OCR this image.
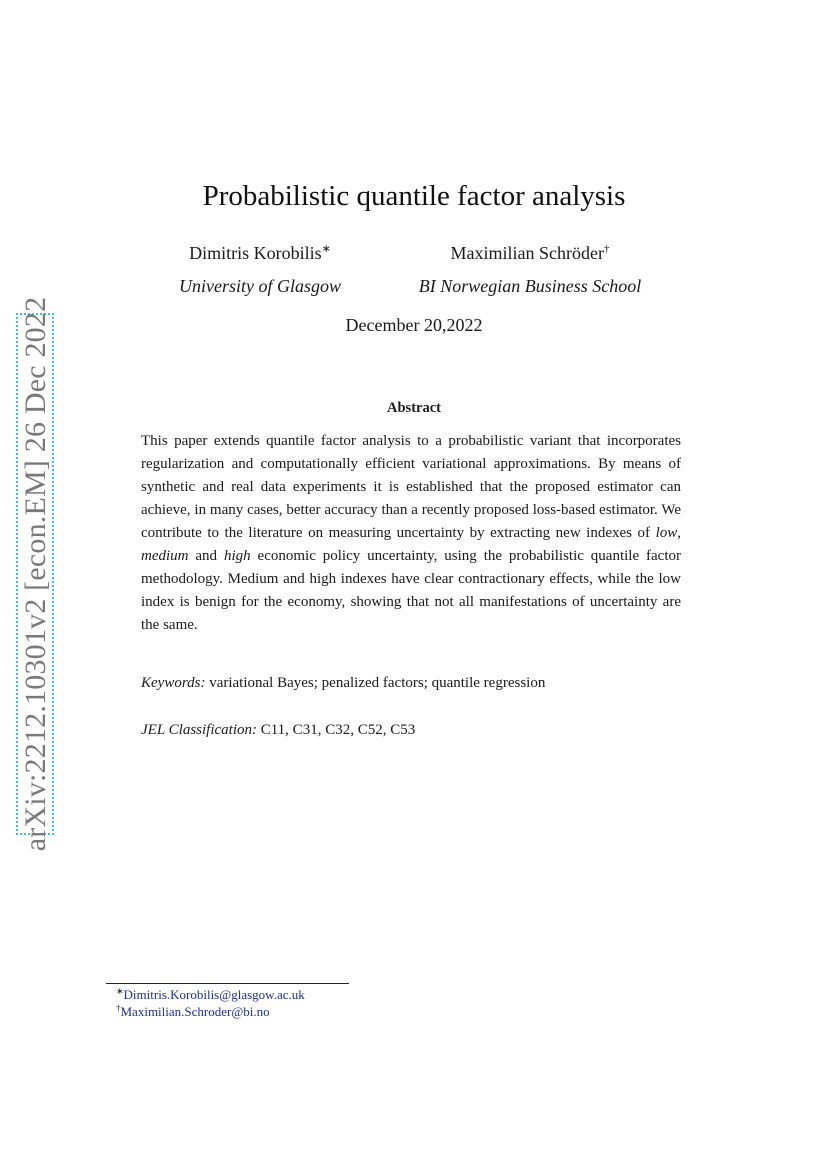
arXiv:2212.10301v2 [econ.EM] 26 Dec 2022
Probabilistic quantile factor analysis
Dimitris Korobilis∗
University of Glasgow
Maximilian Schröder†
BI Norwegian Business School
December 20,2022
Abstract
This paper extends quantile factor analysis to a probabilistic variant that incorporates regularization and computationally efficient variational approximations. By means of synthetic and real data experiments it is established that the proposed estimator can achieve, in many cases, better accuracy than a recently proposed loss-based estimator. We contribute to the literature on measuring uncertainty by extracting new indexes of low, medium and high economic policy uncertainty, using the probabilistic quantile factor methodology. Medium and high indexes have clear contractionary effects, while the low index is benign for the economy, showing that not all manifestations of uncertainty are the same.
Keywords: variational Bayes; penalized factors; quantile regression
JEL Classification: C11, C31, C32, C52, C53
∗Dimitris.Korobilis@glasgow.ac.uk
†Maximilian.Schroder@bi.no
